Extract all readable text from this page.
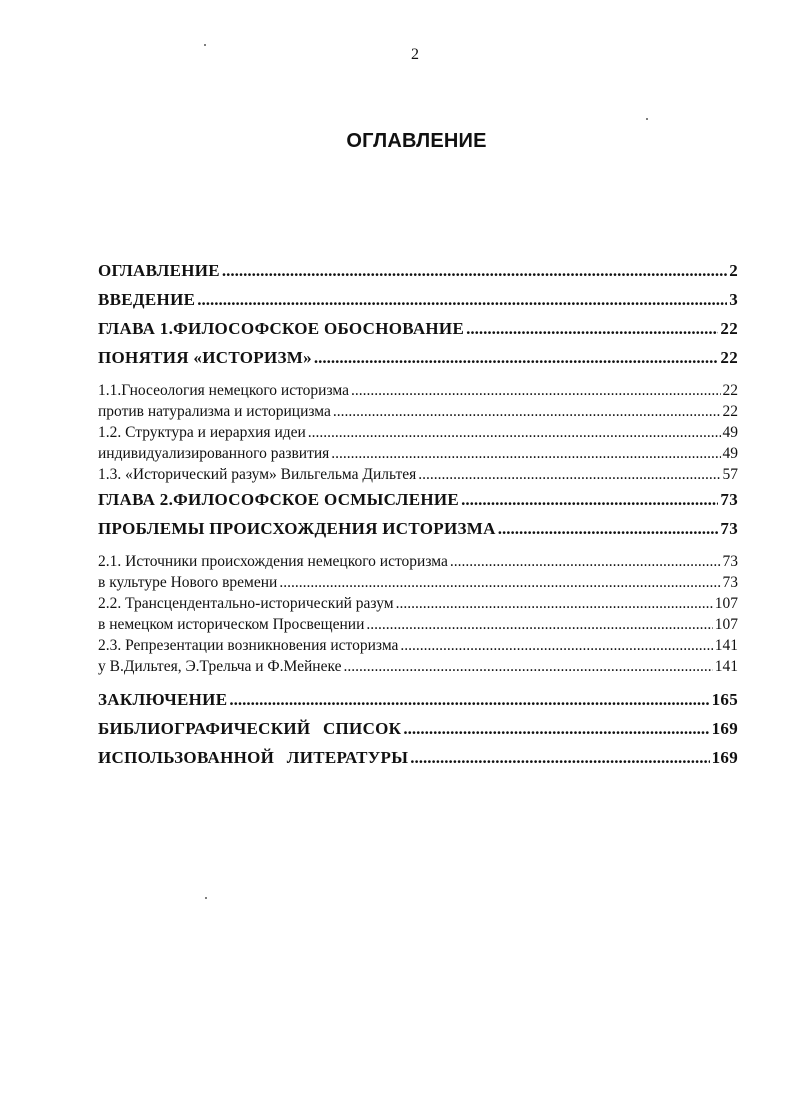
2
ОГЛАВЛЕНИЕ
ОГЛАВЛЕНИЕ .....	2
ВВЕДЕНИЕ .....	3
ГЛАВА 1.ФИЛОСОФСКОЕ ОБОСНОВАНИЕ .....	22
ПОНЯТИЯ «ИСТОРИЗМ» .....	22
1.1.Гносеология немецкого историзма .....	22
против натурализма и историцизма .....	22
1.2. Структура и иерархия идеи .....	49
индивидуализированного развития .....	49
1.3. «Исторический разум» Вильгельма Дильтея .....	57
ГЛАВА 2.ФИЛОСОФСКОЕ ОСМЫСЛЕНИЕ .....	73
ПРОБЛЕМЫ ПРОИСХОЖДЕНИЯ ИСТОРИЗМА .....	73
2.1. Источники происхождения немецкого историзма .....	73
в культуре Нового времени .....	73
2.2. Трансцендентально-исторический разум .....	107
в немецком историческом Просвещении .....	107
2.3. Репрезентации возникновения историзма .....	141
у В.Дильтея, Э.Трельча и Ф.Мейнеке .....	141
ЗАКЛЮЧЕНИЕ .....	165
БИБЛИОГРАФИЧЕСКИЙ СПИСОК .....	169
ИСПОЛЬЗОВАННОЙ ЛИТЕРАТУРЫ .....	169
